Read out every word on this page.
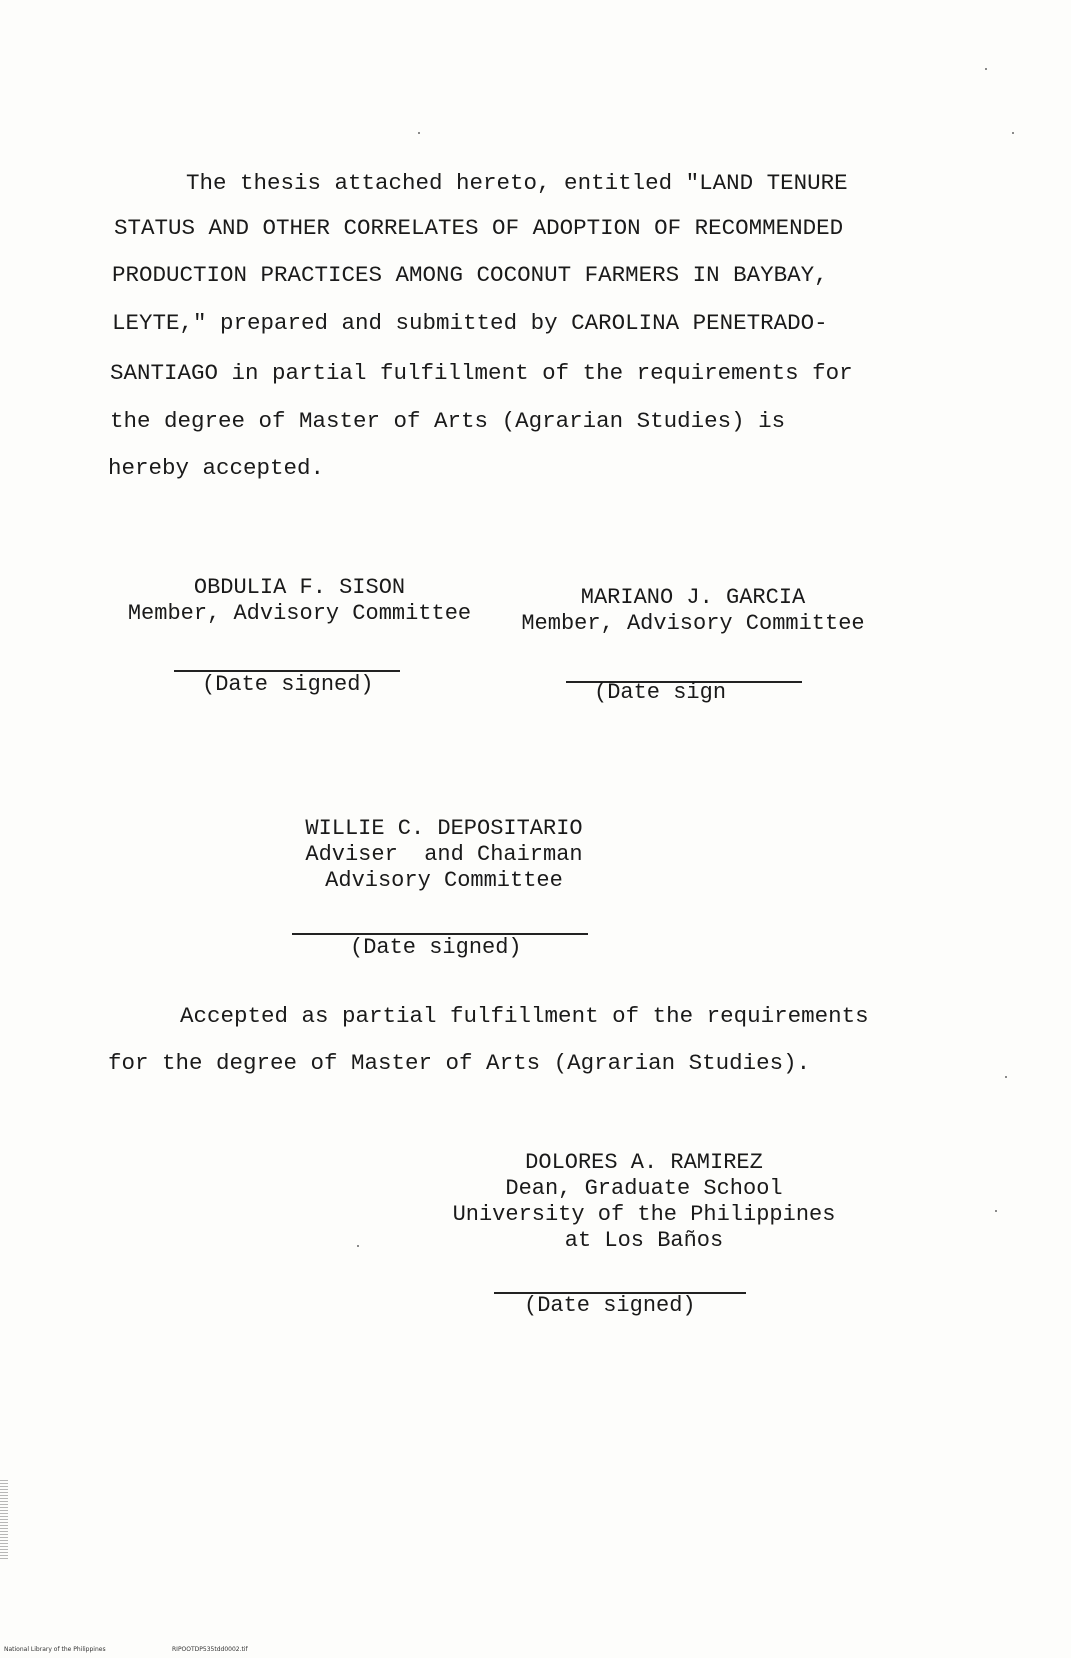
The thesis attached hereto, entitled "LAND TENURE
STATUS AND OTHER CORRELATES OF ADOPTION OF RECOMMENDED
PRODUCTION PRACTICES AMONG COCONUT FARMERS IN BAYBAY,
LEYTE," prepared and submitted by CAROLINA PENETRADO-
SANTIAGO in partial fulfillment of the requirements for
the degree of Master of Arts (Agrarian Studies) is
hereby accepted.
OBDULIA F. SISON
Member, Advisory Committee
(Date signed)
MARIANO J. GARCIA
Member, Advisory Committee
(Date sign
WILLIE C. DEPOSITARIO
Adviser  and Chairman
Advisory Committee
(Date signed)
Accepted as partial fulfillment of the requirements
for the degree of Master of Arts (Agrarian Studies).
DOLORES A. RAMIREZ
Dean, Graduate School
University of the Philippines
at Los Baños
(Date signed)
National Library of the Philippines	RIPOOTDP535tdd0002.tif
